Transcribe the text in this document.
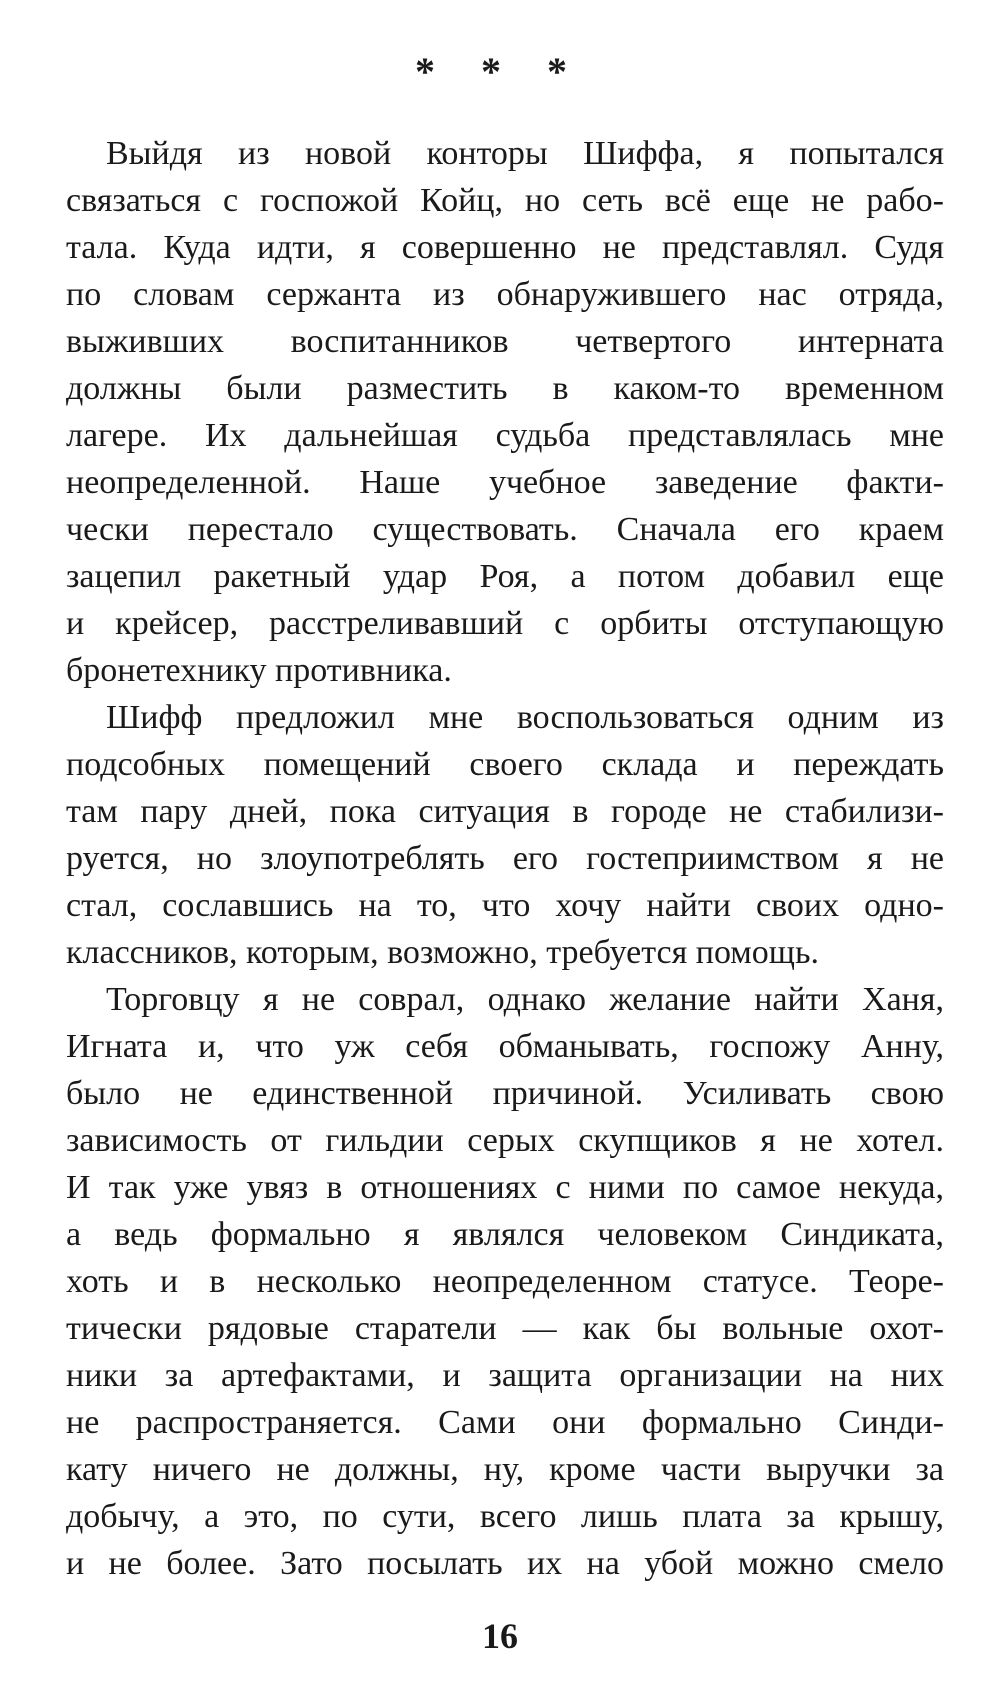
* * *
Выйдя из новой конторы Шиффа, я попытался
связаться с госпожой Койц, но сеть всё еще не рабо-
тала. Куда идти, я совершенно не представлял. Судя
по словам сержанта из обнаружившего нас отряда,
выживших воспитанников четвертого интерната
должны были разместить в каком-то временном
лагере. Их дальнейшая судьба представлялась мне
неопределенной. Наше учебное заведение факти-
чески перестало существовать. Сначала его краем
зацепил ракетный удар Роя, а потом добавил еще
и крейсер, расстреливавший с орбиты отступающую
бронетехнику противника.
Шифф предложил мне воспользоваться одним из
подсобных помещений своего склада и переждать
там пару дней, пока ситуация в городе не стабилизи-
руется, но злоупотреблять его гостеприимством я не
стал, сославшись на то, что хочу найти своих одно-
классников, которым, возможно, требуется помощь.
Торговцу я не соврал, однако желание найти Ханя,
Игната и, что уж себя обманывать, госпожу Анну,
было не единственной причиной. Усиливать свою
зависимость от гильдии серых скупщиков я не хотел.
И так уже увяз в отношениях с ними по самое некуда,
а ведь формально я являлся человеком Синдиката,
хоть и в несколько неопределенном статусе. Теоре-
тически рядовые старатели — как бы вольные охот-
ники за артефактами, и защита организации на них
не распространяется. Сами они формально Синди-
кату ничего не должны, ну, кроме части выручки за
добычу, а это, по сути, всего лишь плата за крышу,
и не более. Зато посылать их на убой можно смело
16
